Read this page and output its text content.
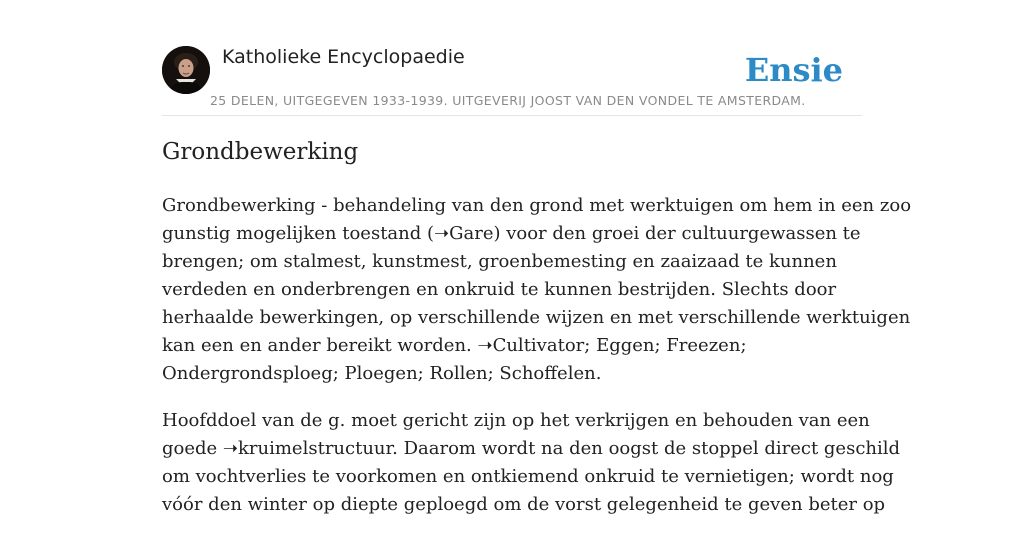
Katholieke Encyclopaedie	Ensie
25 DELEN, UITGEGEVEN 1933-1939. UITGEVERIJ JOOST VAN DEN VONDEL TE AMSTERDAM.
Grondbewerking

Grondbewerking - behandeling van den grond met werktuigen om hem in een zoo
gunstig mogelijken toestand (➝Gare) voor den groei der cultuurgewassen te
brengen; om stalmest, kunstmest, groenbemesting en zaaizaad te kunnen
verdeden en onderbrengen en onkruid te kunnen bestrijden. Slechts door
herhaalde bewerkingen, op verschillende wijzen en met verschillende werktuigen
kan een en ander bereikt worden. ➝Cultivator; Eggen; Freezen;
Ondergrondsploeg; Ploegen; Rollen; Schoffelen.

Hoofddoel van de g. moet gericht zijn op het verkrijgen en behouden van een
goede ➝kruimelstructuur. Daarom wordt na den oogst de stoppel direct geschild
om vochtverlies te voorkomen en ontkiemend onkruid te vernietigen; wordt nog
vóór den winter op diepte geploegd om de vorst gelegenheid te geven beter op
